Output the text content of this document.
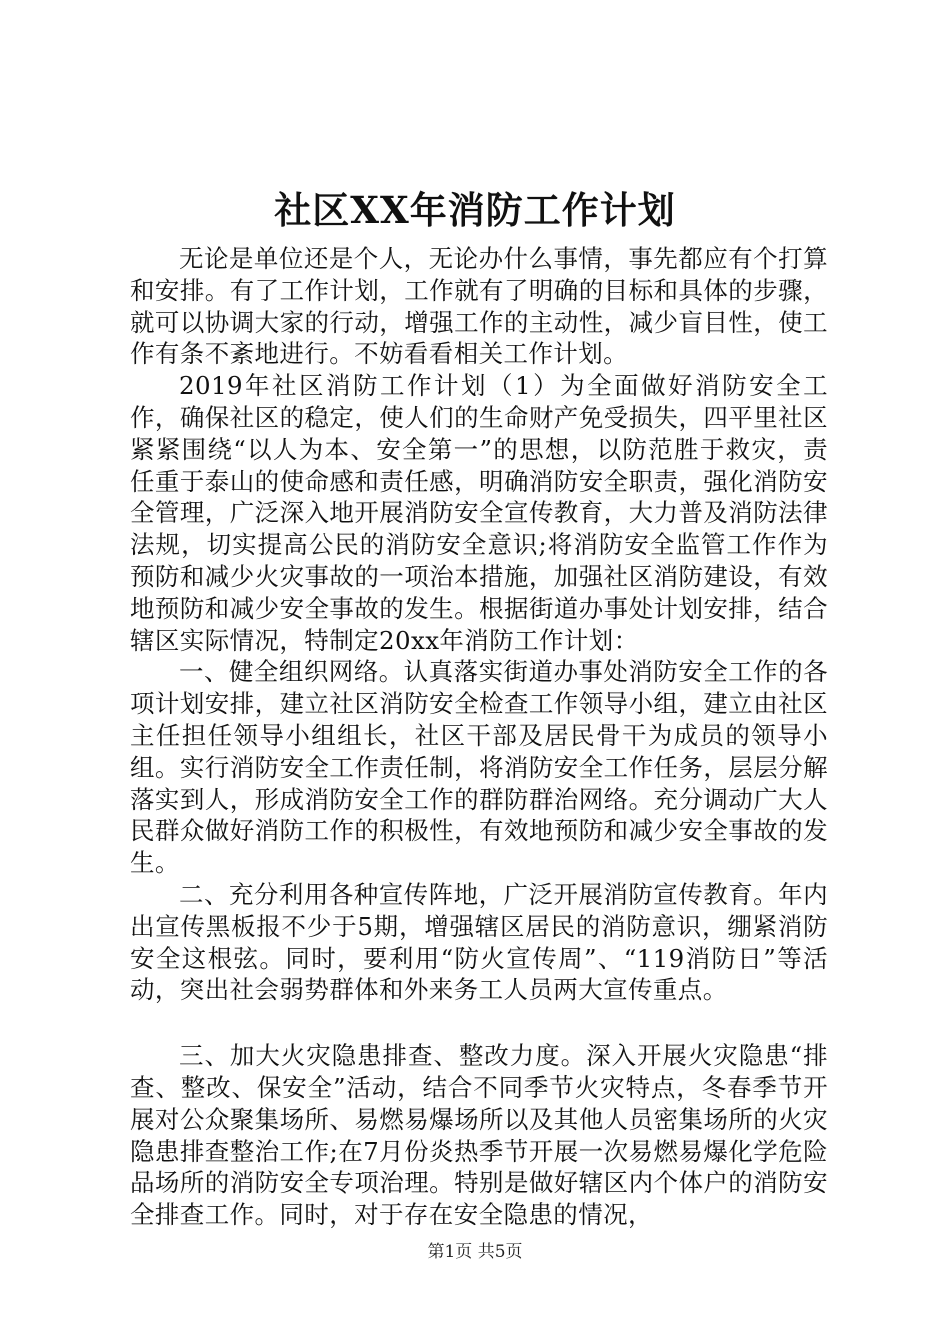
社区XX年消防工作计划

无论是单位还是个人，无论办什么事情，事先都应有个打算和安排。有了工作计划，工作就有了明确的目标和具体的步骤，就可以协调大家的行动，增强工作的主动性，减少盲目性，使工作有条不紊地进行。不妨看看相关工作计划。

2019年社区消防工作计划（1）为全面做好消防安全工作，确保社区的稳定，使人们的生命财产免受损失，四平里社区紧紧围绕“以人为本、安全第一”的思想，以防范胜于救灾，责任重于泰山的使命感和责任感，明确消防安全职责，强化消防安全管理，广泛深入地开展消防安全宣传教育，大力普及消防法律法规，切实提高公民的消防安全意识;将消防安全监管工作作为预防和减少火灾事故的一项治本措施，加强社区消防建设，有效地预防和减少安全事故的发生。根据街道办事处计划安排，结合辖区实际情况，特制定20xx年消防工作计划：

一、健全组织网络。认真落实街道办事处消防安全工作的各项计划安排，建立社区消防安全检查工作领导小组，建立由社区主任担任领导小组组长，社区干部及居民骨干为成员的领导小组。实行消防安全工作责任制，将消防安全工作任务，层层分解落实到人，形成消防安全工作的群防群治网络。充分调动广大人民群众做好消防工作的积极性，有效地预防和减少安全事故的发生。

二、充分利用各种宣传阵地，广泛开展消防宣传教育。年内出宣传黑板报不少于5期，增强辖区居民的消防意识，绷紧消防安全这根弦。同时，要利用“防火宣传周”、“119消防日”等活动，突出社会弱势群体和外来务工人员两大宣传重点。

三、加大火灾隐患排查、整改力度。深入开展火灾隐患“排查、整改、保安全”活动，结合不同季节火灾特点，冬春季节开展对公众聚集场所、易燃易爆场所以及其他人员密集场所的火灾隐患排查整治工作;在7月份炎热季节开展一次易燃易爆化学危险品场所的消防安全专项治理。特别是做好辖区内个体户的消防安全排查工作。同时，对于存在安全隐患的情况，

第1页 共5页
